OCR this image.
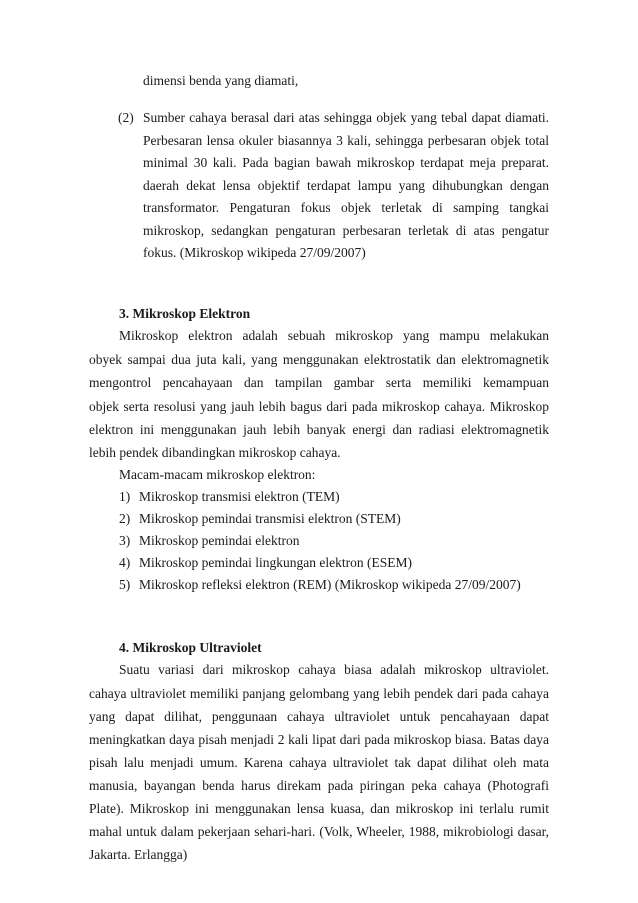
dimensi benda yang diamati,
(2) Sumber cahaya berasal dari atas sehingga objek yang tebal dapat diamati.
Perbesaran lensa okuler biasannya 3 kali, sehingga perbesaran objek total
minimal 30 kali. Pada bagian bawah mikroskop terdapat meja preparat.
daerah dekat lensa objektif terdapat lampu yang dihubungkan dengan
transformator. Pengaturan fokus objek terletak di samping tangkai
mikroskop, sedangkan pengaturan perbesaran terletak di atas pengatur
fokus. (Mikroskop wikipeda 27/09/2007)
3. Mikroskop Elektron
Mikroskop elektron adalah sebuah mikroskop yang mampu melakukan
obyek sampai dua juta kali, yang menggunakan elektrostatik dan elektromagnetik
mengontrol pencahayaan dan tampilan gambar serta memiliki kemampuan
objek serta resolusi yang jauh lebih bagus dari pada mikroskop cahaya. Mikroskop
elektron ini menggunakan jauh lebih banyak energi dan radiasi elektromagnetik
lebih pendek dibandingkan mikroskop cahaya.
Macam-macam mikroskop elektron:
1) Mikroskop transmisi elektron (TEM)
2) Mikroskop pemindai transmisi elektron (STEM)
3) Mikroskop pemindai elektron
4) Mikroskop pemindai lingkungan elektron (ESEM)
5) Mikroskop refleksi elektron (REM) (Mikroskop wikipeda 27/09/2007)
4. Mikroskop Ultraviolet
Suatu variasi dari mikroskop cahaya biasa adalah mikroskop ultraviolet.
cahaya ultraviolet memiliki panjang gelombang yang lebih pendek dari pada cahaya
yang dapat dilihat, penggunaan cahaya ultraviolet untuk pencahayaan dapat
meningkatkan daya pisah menjadi 2 kali lipat dari pada mikroskop biasa. Batas daya
pisah lalu menjadi umum. Karena cahaya ultraviolet tak dapat dilihat oleh mata
manusia, bayangan benda harus direkam pada piringan peka cahaya (Photografi
Plate). Mikroskop ini menggunakan lensa kuasa, dan mikroskop ini terlalu rumit
mahal untuk dalam pekerjaan sehari-hari. (Volk, Wheeler, 1988, mikrobiologi dasar,
Jakarta. Erlangga)
